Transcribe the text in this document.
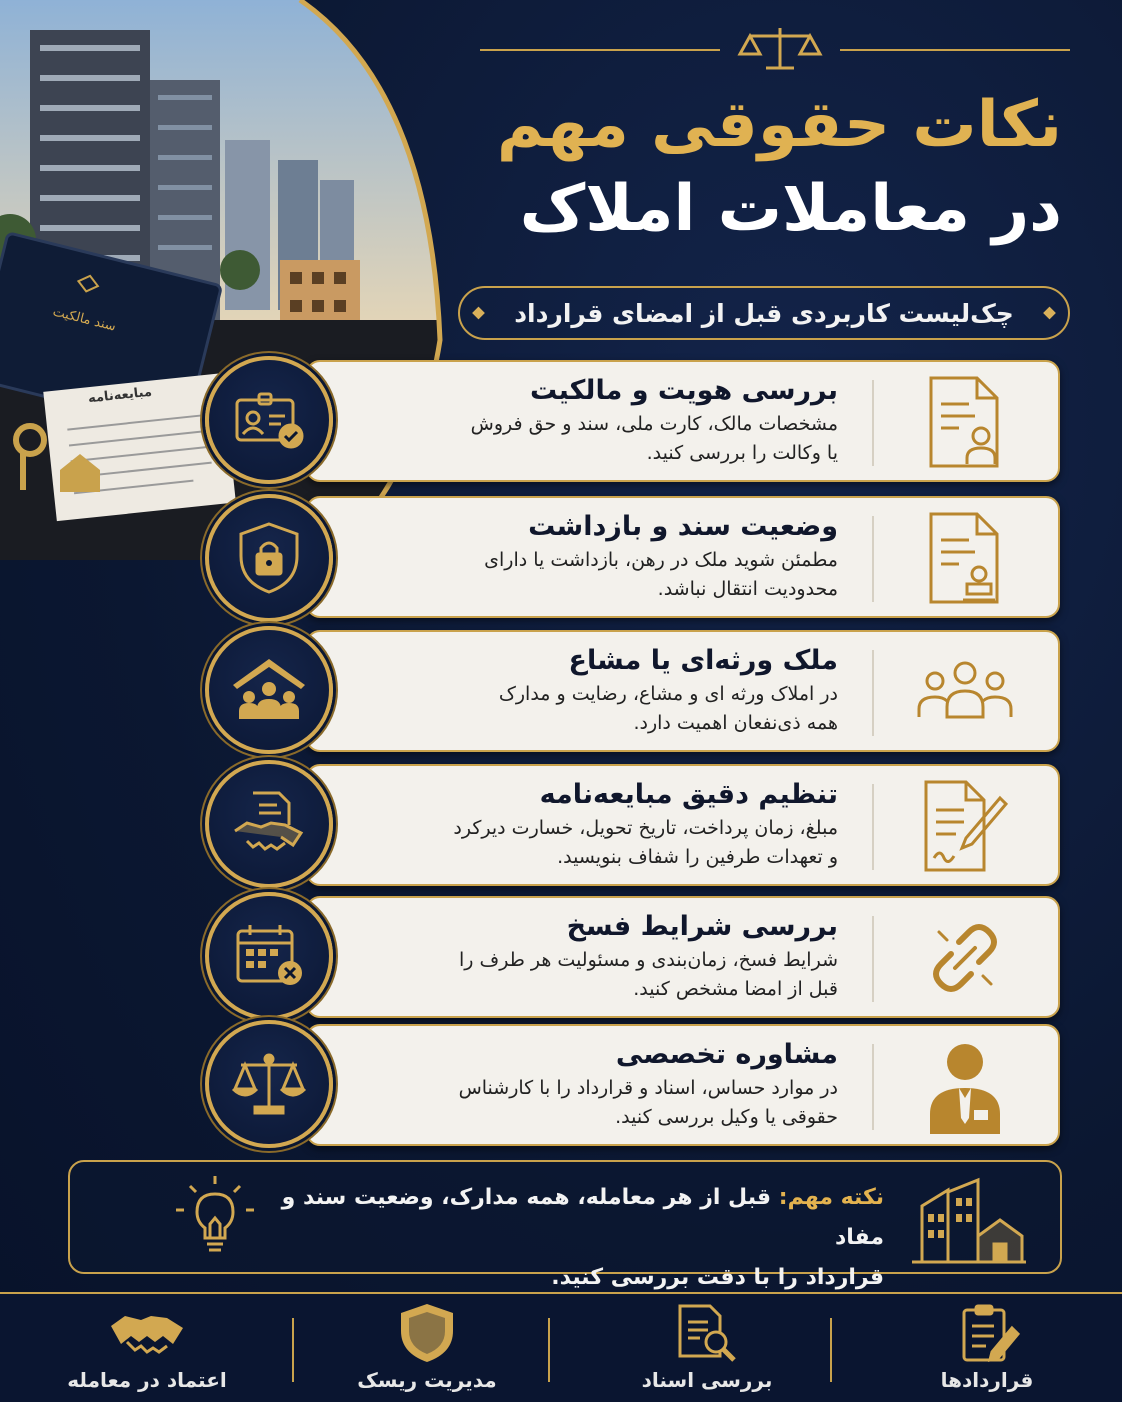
سند مالکیت
مبایعه‌نامه
نکات حقوقی مهم
در معاملات املاک
چک‌لیست کاربردی قبل از امضای قرارداد
بررسی هویت و مالکیت
مشخصات مالک، کارت ملی، سند و حق فروش
یا وکالت را بررسی کنید.
وضعیت سند و بازداشت
مطمئن شوید ملک در رهن، بازداشت یا دارای
محدودیت انتقال نباشد.
ملک ورثه‌ای یا مشاع
در املاک ورثه ای و مشاع، رضایت و مدارک
همه ذی‌نفعان اهمیت دارد.
تنظیم دقیق مبایعه‌نامه
مبلغ، زمان پرداخت، تاریخ تحویل، خسارت دیرکرد
و تعهدات طرفین را شفاف بنویسید.
بررسی شرایط فسخ
شرایط فسخ، زمان‌بندی و مسئولیت هر طرف را
قبل از امضا مشخص کنید.
مشاوره تخصصی
در موارد حساس، اسناد و قرارداد را با کارشناس
حقوقی یا وکیل بررسی کنید.
نکته مهم: قبل از هر معامله، همه مدارک، وضعیت سند و مفاد
قرارداد را با دقت بررسی کنید.
قراردادها
بررسی اسناد
مدیریت ریسک
اعتماد در معامله
